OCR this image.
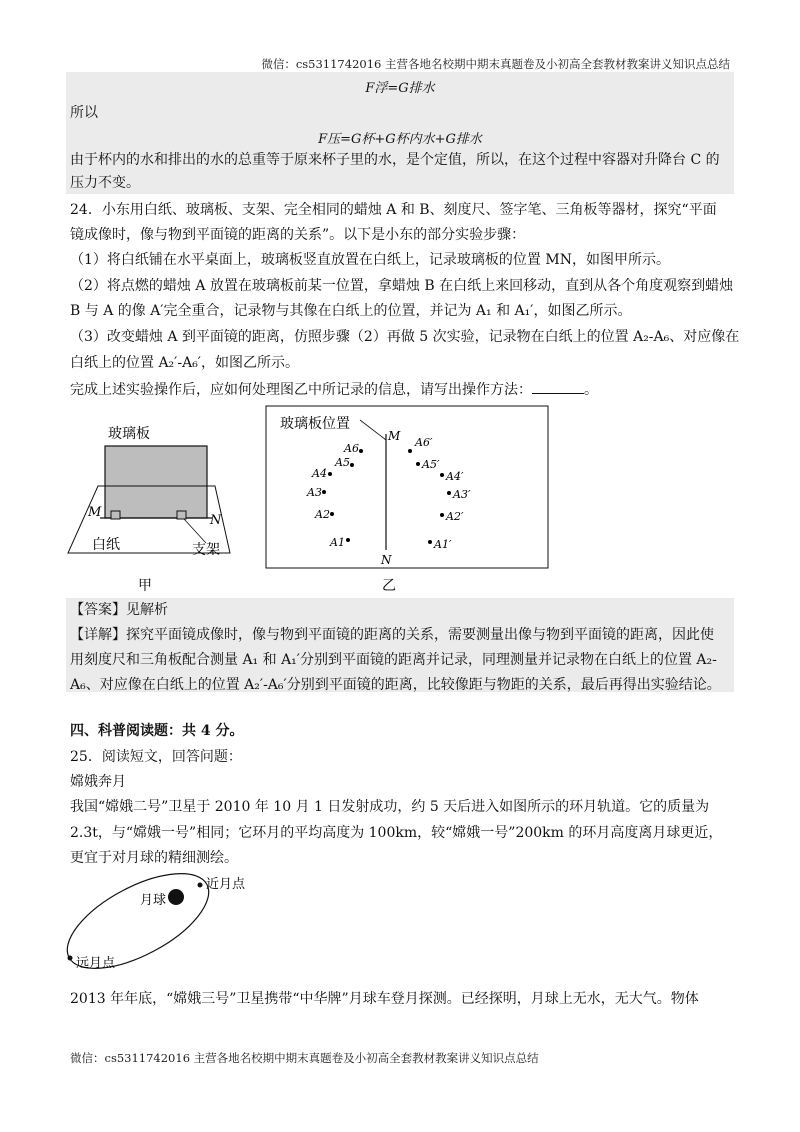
微信：cs5311742016 主营各地名校期中期末真题卷及小初高全套教材教案讲义知识点总结
F浮=G排水
所以
F压=G杯+G杯内水+G排水
由于杯内的水和排出的水的总重等于原来杯子里的水，是个定值，所以，在这个过程中容器对升降台 C 的
压力不变。
24．小东用白纸、玻璃板、支架、完全相同的蜡烛 A 和 B、刻度尺、签字笔、三角板等器材，探究“平面
镜成像时，像与物到平面镜的距离的关系”。以下是小东的部分实验步骤：
（1）将白纸铺在水平桌面上，玻璃板竖直放置在白纸上，记录玻璃板的位置 MN，如图甲所示。
（2）将点燃的蜡烛 A 放置在玻璃板前某一位置，拿蜡烛 B 在白纸上来回移动，直到从各个角度观察到蜡烛
B 与 A 的像 A′完全重合，记录物与其像在白纸上的位置，并记为 A₁ 和 A₁′，如图乙所示。
（3）改变蜡烛 A 到平面镜的距离，仿照步骤（2）再做 5 次实验，记录物在白纸上的位置 A₂-A₆、对应像在
白纸上的位置 A₂′-A₆′，如图乙所示。
完成上述实验操作后，应如何处理图乙中所记录的信息，请写出操作方法：	。
玻璃板
M
N
白纸	支架
甲
玻璃板位置
M
N
A6
A5
A4
A3
A2
A1
A6′
A5′
A4′
A3′
A2′
A1′
乙
【答案】见解析
【详解】探究平面镜成像时，像与物到平面镜的距离的关系，需要测量出像与物到平面镜的距离，因此使
用刻度尺和三角板配合测量 A₁ 和 A₁′分别到平面镜的距离并记录，同理测量并记录物在白纸上的位置 A₂-
A₆、对应像在白纸上的位置 A₂′-A₆′分别到平面镜的距离，比较像距与物距的关系，最后再得出实验结论。
四、科普阅读题：共 4 分。
25．阅读短文，回答问题：
嫦娥奔月
我国“嫦娥二号”卫星于 2010 年 10 月 1 日发射成功，约 5 天后进入如图所示的环月轨道。它的质量为
2.3t，与“嫦娥一号”相同；它环月的平均高度为 100km，较“嫦娥一号”200km 的环月高度离月球更近，
更宜于对月球的精细测绘。
月球
近月点
远月点
2013 年年底，“嫦娥三号”卫星携带“中华牌”月球车登月探测。已经探明，月球上无水，无大气。物体
微信：cs5311742016 主营各地名校期中期末真题卷及小初高全套教材教案讲义知识点总结
